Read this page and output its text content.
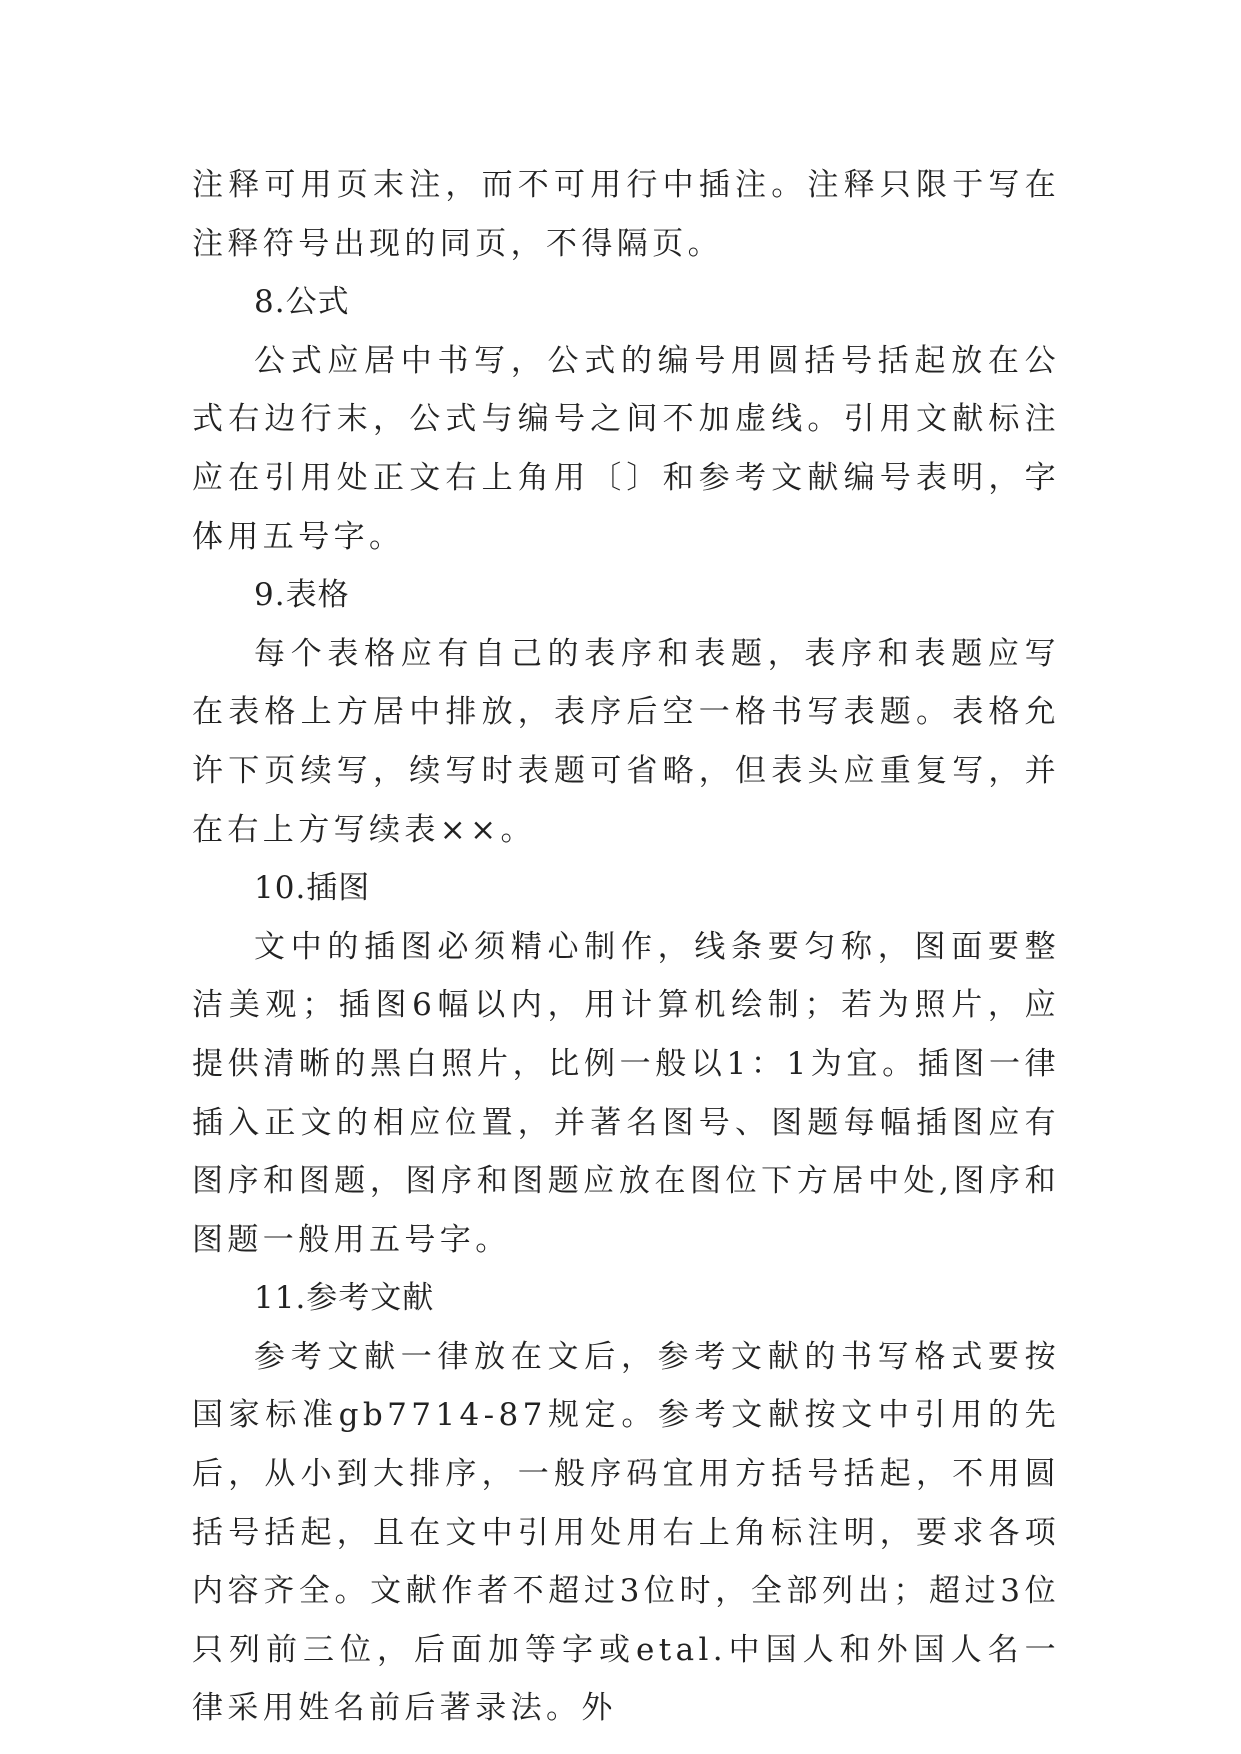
注释可用页末注，而不可用行中插注。注释只限于写在注释符号出现的同页，不得隔页。

8.公式

公式应居中书写，公式的编号用圆括号括起放在公式右边行末，公式与编号之间不加虚线。引用文献标注应在引用处正文右上角用〔〕和参考文献编号表明，字体用五号字。

9.表格

每个表格应有自己的表序和表题，表序和表题应写在表格上方居中排放，表序后空一格书写表题。表格允许下页续写，续写时表题可省略，但表头应重复写，并在右上方写续表××。

10.插图

文中的插图必须精心制作，线条要匀称，图面要整洁美观；插图6幅以内，用计算机绘制；若为照片，应提供清晰的黑白照片，比例一般以1：1为宜。插图一律插入正文的相应位置，并著名图号、图题每幅插图应有图序和图题，图序和图题应放在图位下方居中处,图序和图题一般用五号字。

11.参考文献

参考文献一律放在文后，参考文献的书写格式要按国家标准gb7714-87规定。参考文献按文中引用的先后，从小到大排序，一般序码宜用方括号括起，不用圆括号括起，且在文中引用处用右上角标注明，要求各项内容齐全。文献作者不超过3位时，全部列出；超过3位只列前三位，后面加等字或etal.中国人和外国人名一律采用姓名前后著录法。外
